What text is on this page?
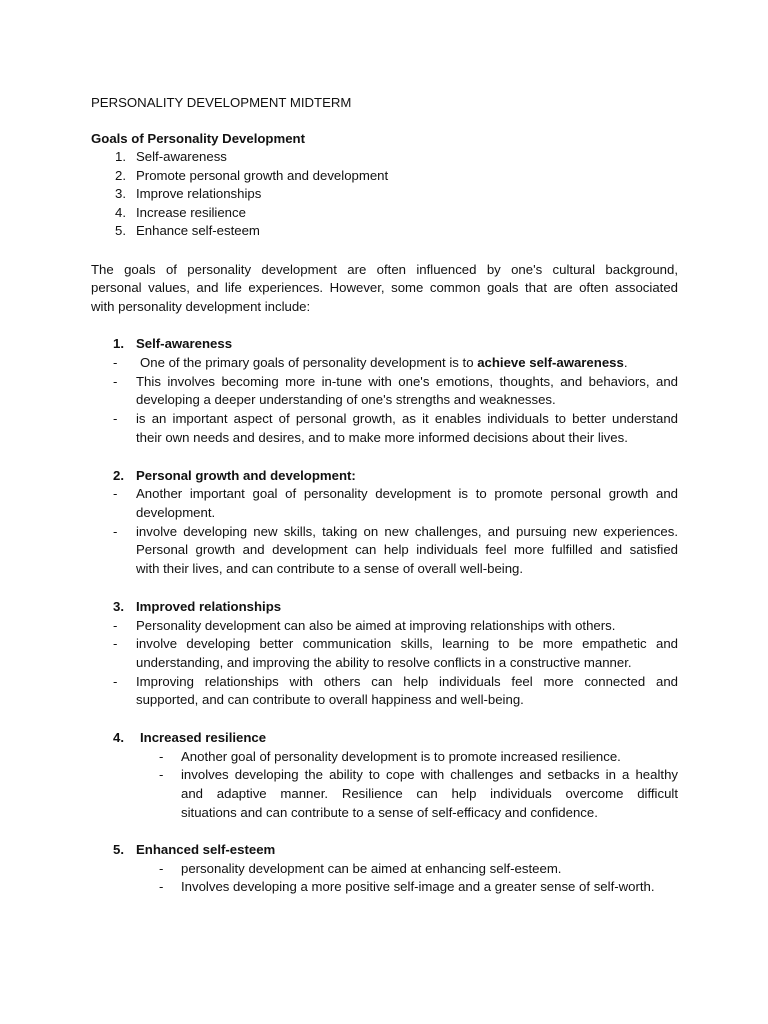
PERSONALITY DEVELOPMENT MIDTERM
Goals of Personality Development
1. Self-awareness
2. Promote personal growth and development
3. Improve relationships
4. Increase resilience
5. Enhance self-esteem
The goals of personality development are often influenced by one's cultural background,
personal values, and life experiences. However, some common goals that are often associated
with personality development include:
1. Self-awareness
- One of the primary goals of personality development is to achieve self-awareness.
- This involves becoming more in-tune with one's emotions, thoughts, and behaviors, and
developing a deeper understanding of one's strengths and weaknesses.
- is an important aspect of personal growth, as it enables individuals to better understand
their own needs and desires, and to make more informed decisions about their lives.
2. Personal growth and development:
- Another important goal of personality development is to promote personal growth and
development.
- involve developing new skills, taking on new challenges, and pursuing new experiences.
Personal growth and development can help individuals feel more fulfilled and satisfied
with their lives, and can contribute to a sense of overall well-being.
3. Improved relationships
- Personality development can also be aimed at improving relationships with others.
- involve developing better communication skills, learning to be more empathetic and
understanding, and improving the ability to resolve conflicts in a constructive manner.
- Improving relationships with others can help individuals feel more connected and
supported, and can contribute to overall happiness and well-being.
4. Increased resilience
- Another goal of personality development is to promote increased resilience.
- involves developing the ability to cope with challenges and setbacks in a healthy
and adaptive manner. Resilience can help individuals overcome difficult
situations and can contribute to a sense of self-efficacy and confidence.
5. Enhanced self-esteem
- personality development can be aimed at enhancing self-esteem.
- Involves developing a more positive self-image and a greater sense of self-worth.
